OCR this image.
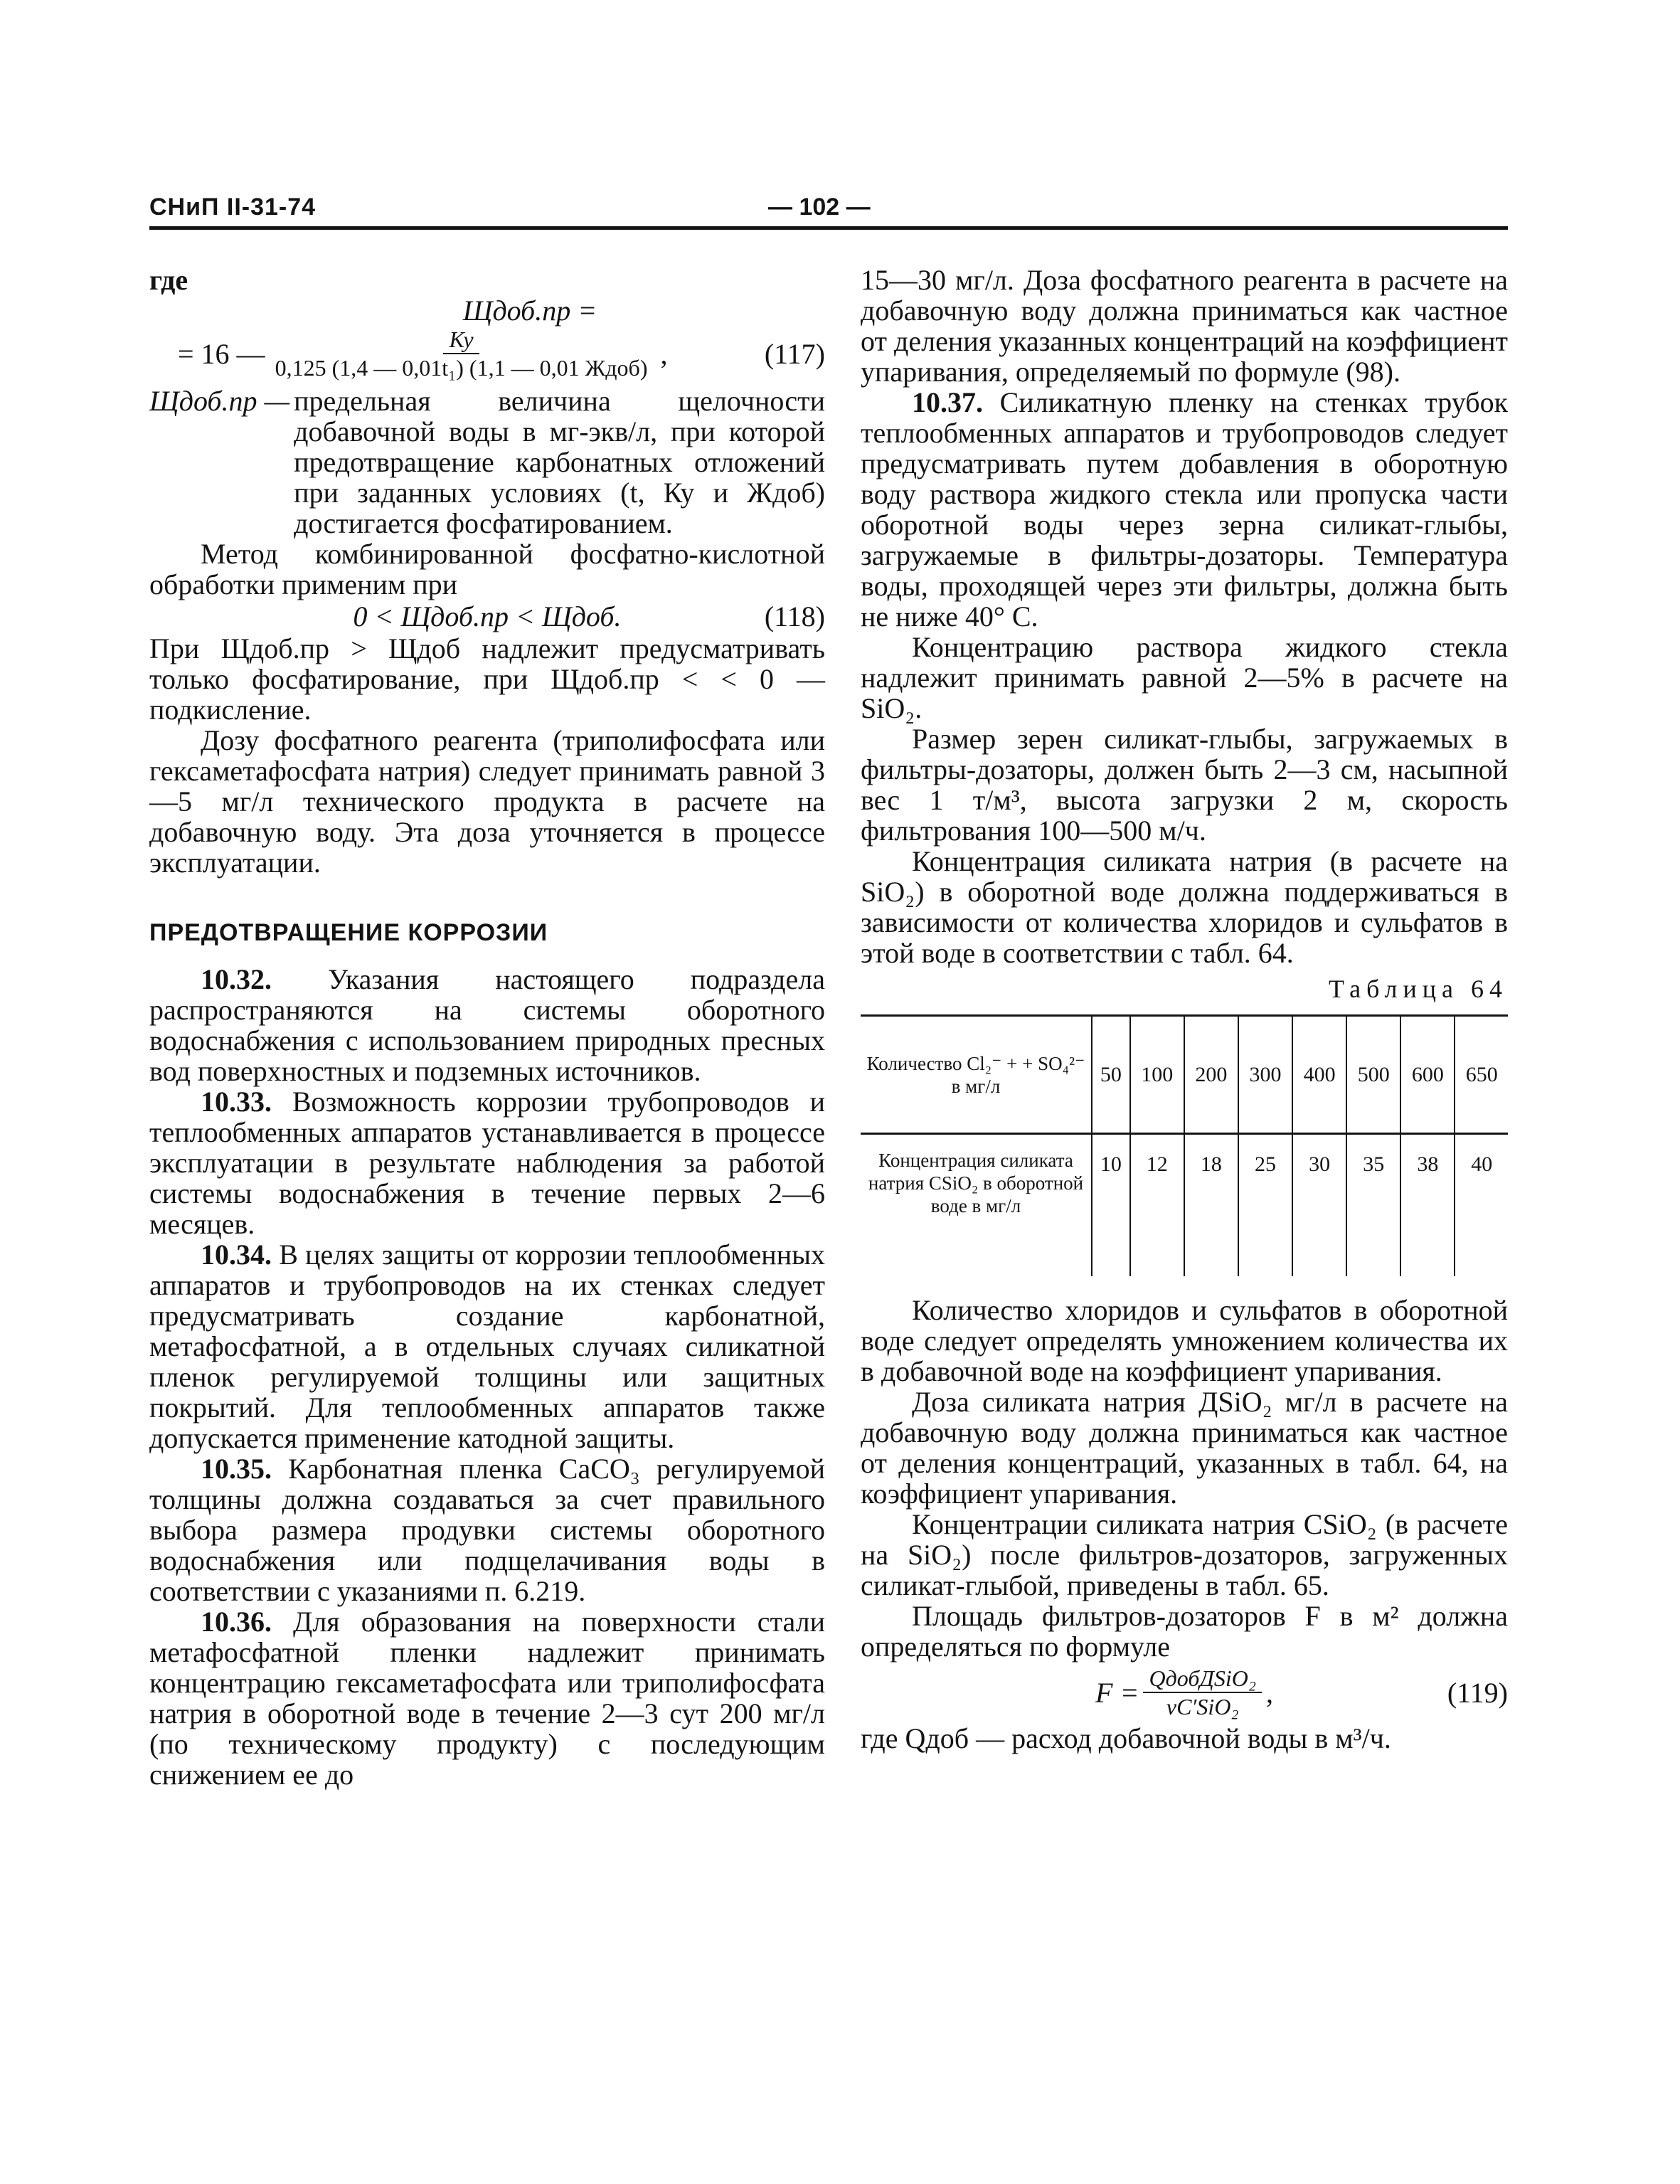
СНиП II-31-74	— 102 —

где

Щдоб.пр =
= 16 — $\frac{Ку}{\text{0,125 (1,4 — 0,01t₁) (1,1 — 0,01 Ждоб)}}$ ,	(117)
Щдоб.пр — предельная величина щелочности добавочной воды в мг-экв/л, при которой предотвращение карбонатных отложений при заданных условиях (t, Ку и Ждоб) достигается фосфатированием.

Метод комбинированной фосфатно-кислотной обработки применим при

0 < Щдоб.пр < Щдоб.	(118)

При Щдоб.пр > Щдоб надлежит предусматривать только фосфатирование, при Щдоб.пр < < 0 — подкисление.

Дозу фосфатного реагента (триполифосфата или гексаметафосфата натрия) следует принимать равной 3—5 мг/л технического продукта в расчете на добавочную воду. Эта доза уточняется в процессе эксплуатации.

ПРЕДОТВРАЩЕНИЕ КОРРОЗИИ

10.32. Указания настоящего подраздела распространяются на системы оборотного водоснабжения с использованием природных пресных вод поверхностных и подземных источников.

10.33. Возможность коррозии трубопроводов и теплообменных аппаратов устанавливается в процессе эксплуатации в результате наблюдения за работой системы водоснабжения в течение первых 2—6 месяцев.

10.34. В целях защиты от коррозии теплообменных аппаратов и трубопроводов на их стенках следует предусматривать создание карбонатной, метафосфатной, а в отдельных случаях силикатной пленок регулируемой толщины или защитных покрытий. Для теплообменных аппаратов также допускается применение катодной защиты.

10.35. Карбонатная пленка CaCO₃ регулируемой толщины должна создаваться за счет правильного выбора размера продувки системы оборотного водоснабжения или подщелачивания воды в соответствии с указаниями п. 6.219.

10.36. Для образования на поверхности стали метафосфатной пленки надлежит принимать концентрацию гексаметафосфата или триполифосфата натрия в оборотной воде в течение 2—3 сут 200 мг/л (по техническому продукту) с последующим снижением ее до

15—30 мг/л. Доза фосфатного реагента в расчете на добавочную воду должна приниматься как частное от деления указанных концентраций на коэффициент упаривания, определяемый по формуле (98).

10.37. Силикатную пленку на стенках трубок теплообменных аппаратов и трубопроводов следует предусматривать путем добавления в оборотную воду раствора жидкого стекла или пропуска части оборотной воды через зерна силикат-глыбы, загружаемые в фильтры-дозаторы. Температура воды, проходящей через эти фильтры, должна быть не ниже 40° С.

Концентрацию раствора жидкого стекла надлежит принимать равной 2—5% в расчете на SiO₂.

Размер зерен силикат-глыбы, загружаемых в фильтры-дозаторы, должен быть 2—3 см, насыпной вес 1 т/м³, высота загрузки 2 м, скорость фильтрования 100—500 м/ч.

Концентрация силиката натрия (в расчете на SiO₂) в оборотной воде должна поддерживаться в зависимости от количества хлоридов и сульфатов в этой воде в соответствии с табл. 64.

Таблица 64

Количество Cl₂⁻ + + SO₄²⁻ в мг/л	50	100	200	300	400	500	600	650
Концентрация силиката натрия CSiO₂ в оборотной воде в мг/л	10	12	18	25	30	35	38	40

Количество хлоридов и сульфатов в оборотной воде следует определять умножением количества их в добавочной воде на коэффициент упаривания.

Доза силиката натрия ДSiO₂ мг/л в расчете на добавочную воду должна приниматься как частное от деления концентраций, указанных в табл. 64, на коэффициент упаривания.

Концентрации силиката натрия CSiO₂ (в расчете на SiO₂) после фильтров-дозаторов, загруженных силикат-глыбой, приведены в табл. 65.

Площадь фильтров-дозаторов F в м² должна определяться по формуле

$F = \frac{\text{QдобДSiO₂}}{\text{vC′SiO₂}}$ ,	(119)

где Qдоб — расход добавочной воды в м³/ч.
